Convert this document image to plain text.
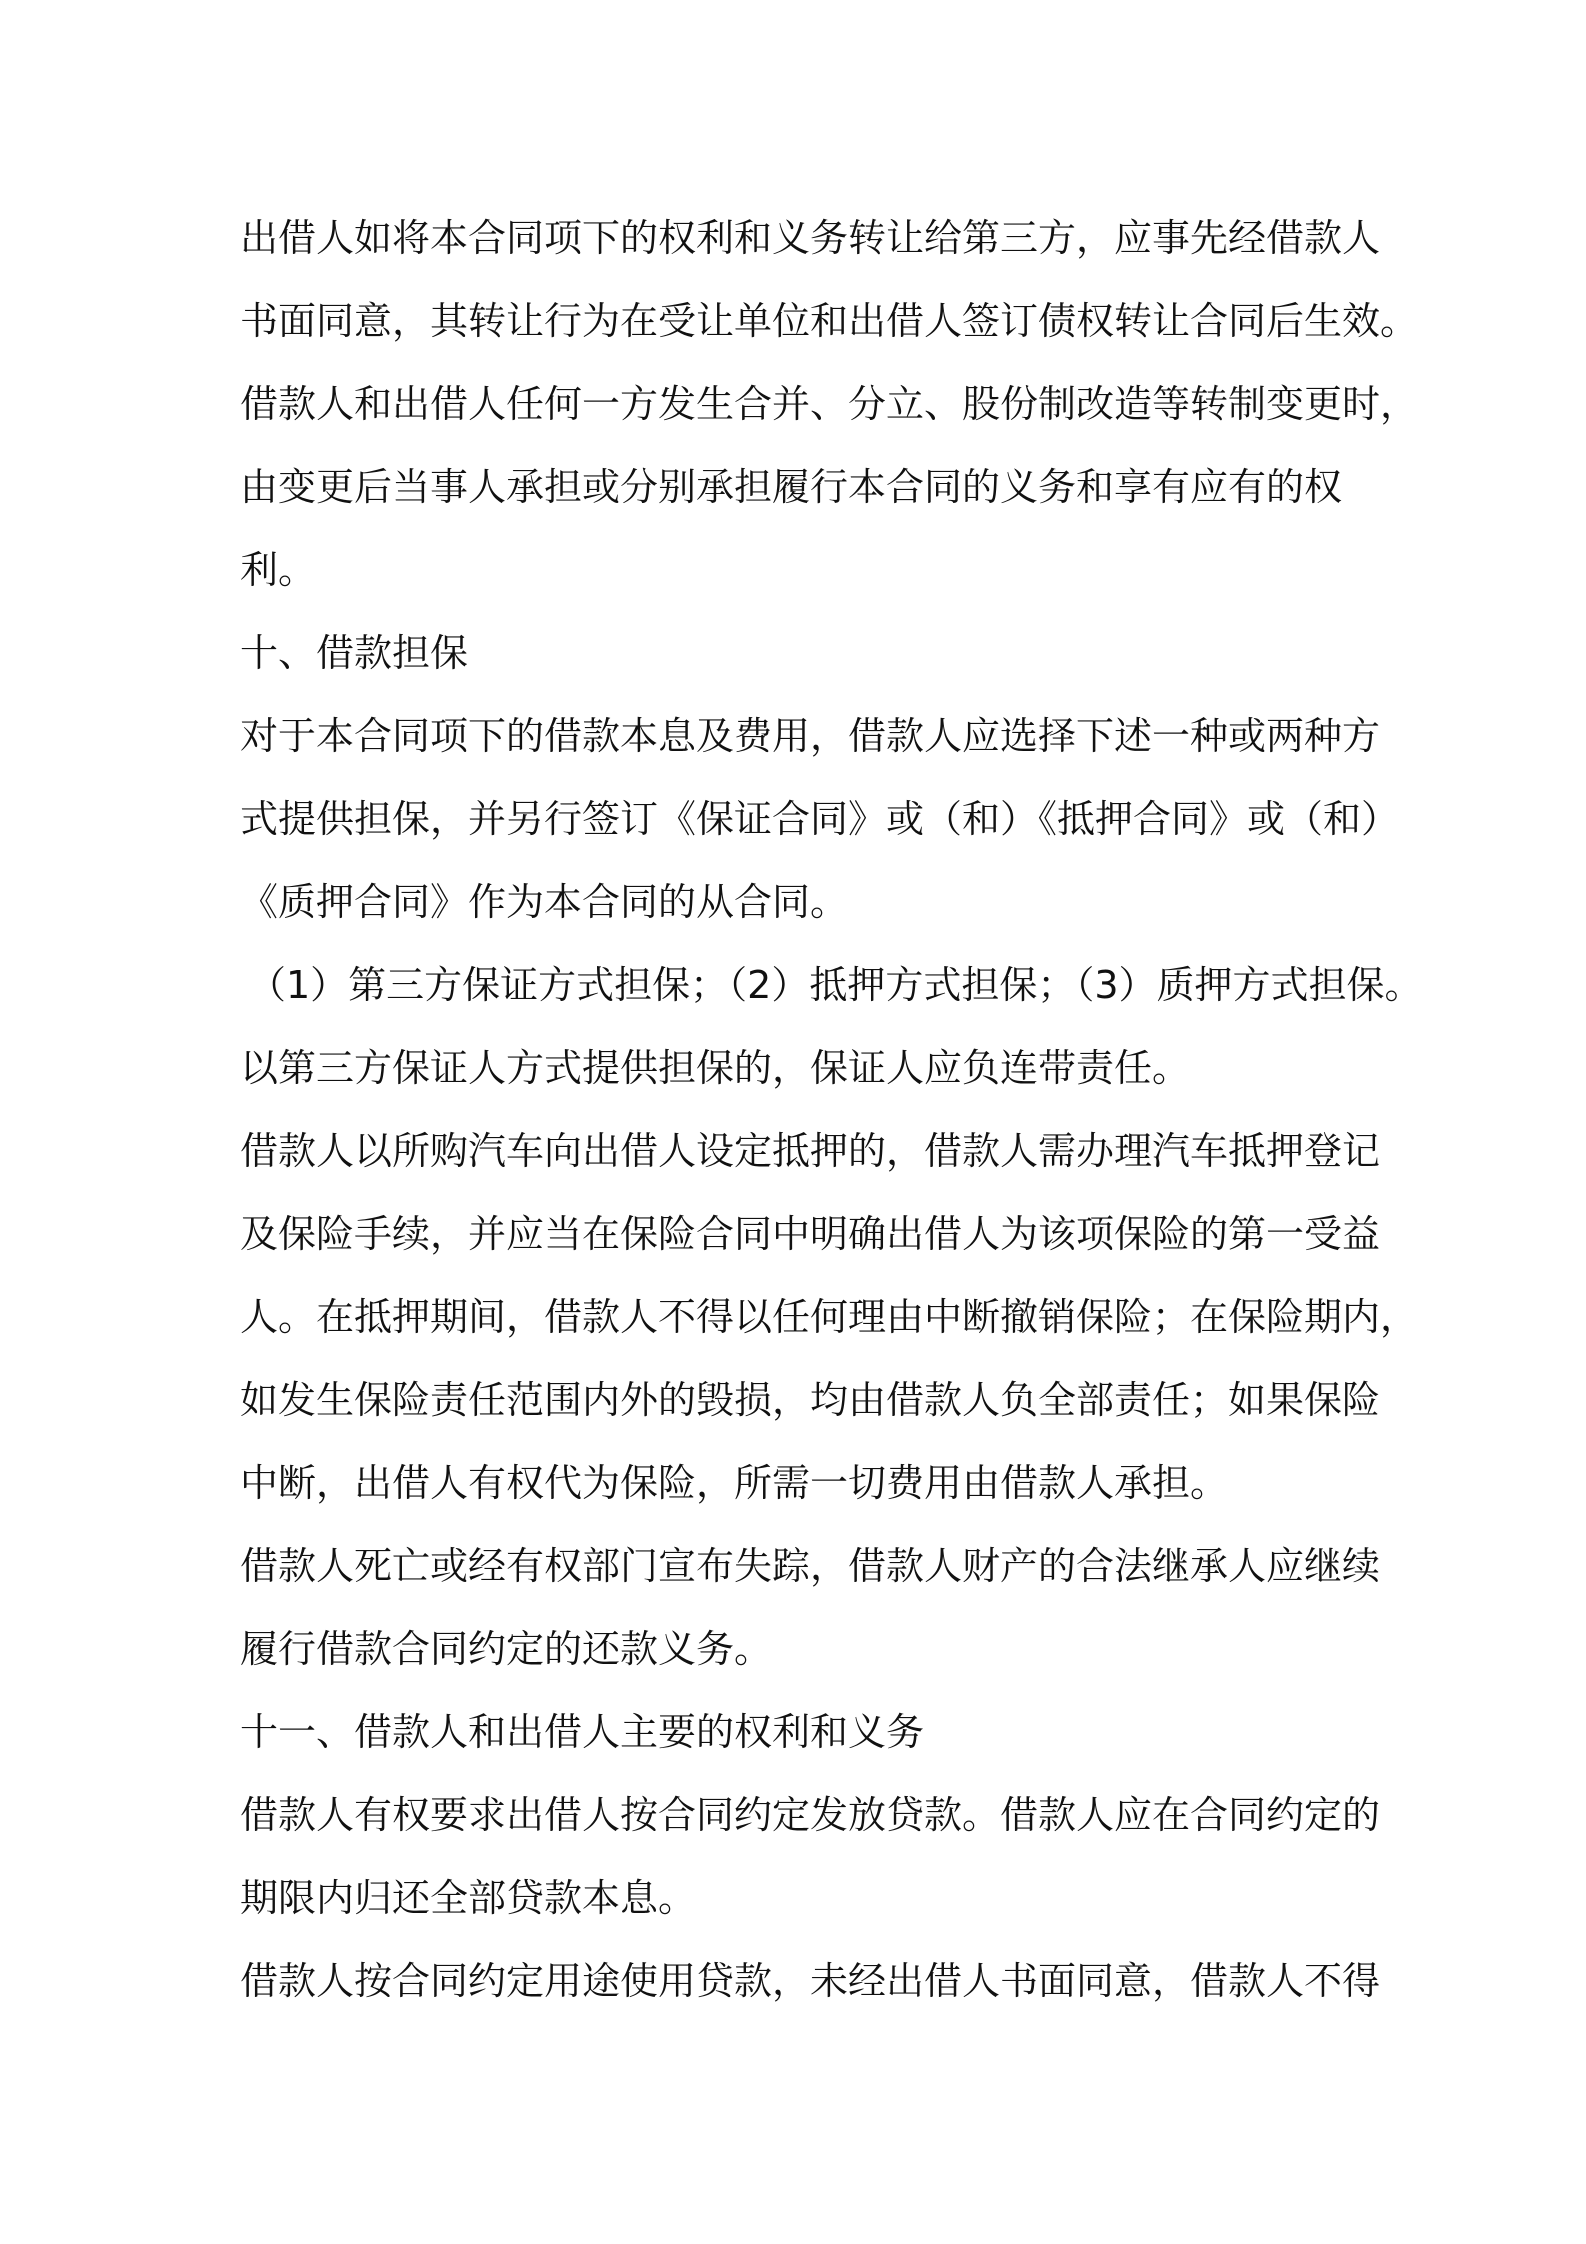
出借人如将本合同项下的权利和义务转让给第三方，应事先经借款人
书面同意，其转让行为在受让单位和出借人签订债权转让合同后生效。
借款人和出借人任何一方发生合并、分立、股份制改造等转制变更时，
由变更后当事人承担或分别承担履行本合同的义务和享有应有的权
利。
十、借款担保
对于本合同项下的借款本息及费用，借款人应选择下述一种或两种方
式提供担保，并另行签订《保证合同》或（和）《抵押合同》或（和）
《质押合同》作为本合同的从合同。
（1）第三方保证方式担保；（2）抵押方式担保；（3）质押方式担保。
以第三方保证人方式提供担保的，保证人应负连带责任。
借款人以所购汽车向出借人设定抵押的，借款人需办理汽车抵押登记
及保险手续，并应当在保险合同中明确出借人为该项保险的第一受益
人。在抵押期间，借款人不得以任何理由中断撤销保险；在保险期内，
如发生保险责任范围内外的毁损，均由借款人负全部责任；如果保险
中断，出借人有权代为保险，所需一切费用由借款人承担。
借款人死亡或经有权部门宣布失踪，借款人财产的合法继承人应继续
履行借款合同约定的还款义务。
十一、借款人和出借人主要的权利和义务
借款人有权要求出借人按合同约定发放贷款。借款人应在合同约定的
期限内归还全部贷款本息。
借款人按合同约定用途使用贷款，未经出借人书面同意，借款人不得
